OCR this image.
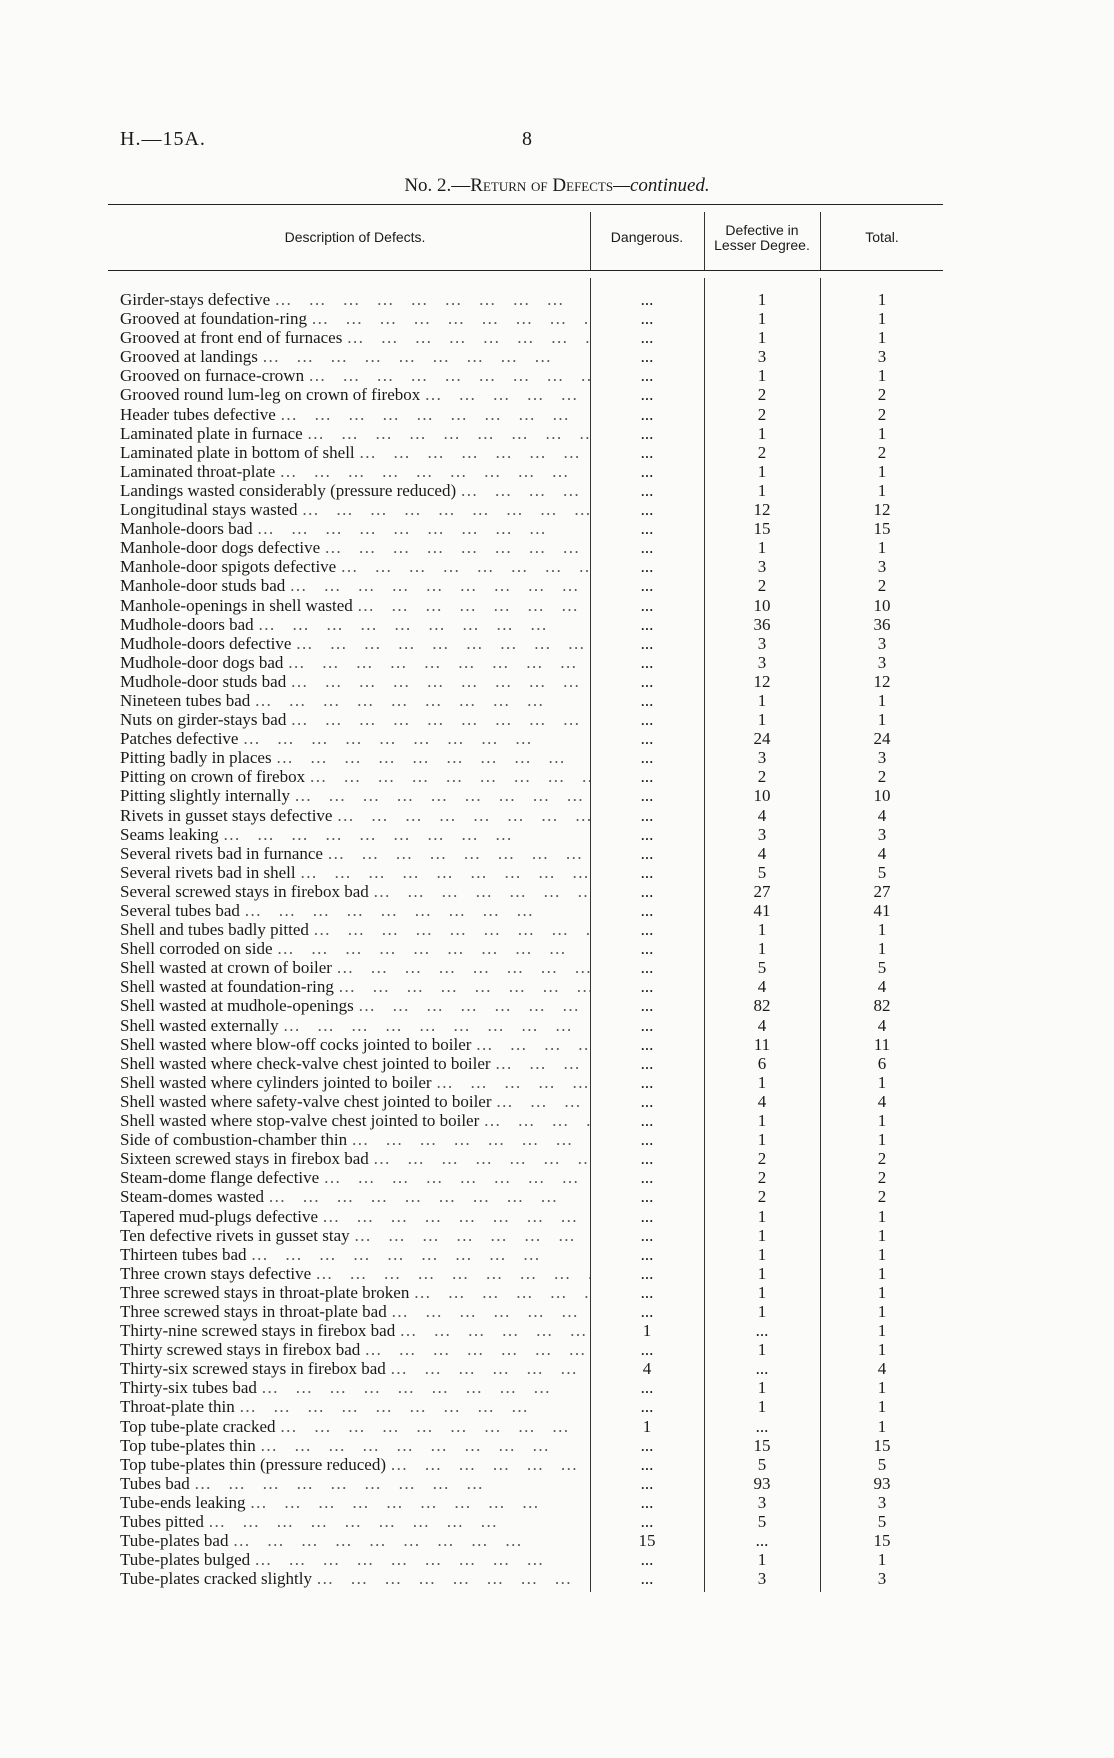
H.—15A.	8
No. 2.—Return of Defects—continued.
Description of Defects.	Dangerous.	Defective in Lesser Degree.	Total.
Girder-stays defective …    …    …    …    …    …    …    …    …	...	1	1
Grooved at foundation-ring …    …    …    …    …    …    …    …    …	...	1	1
Grooved at front end of furnaces …    …    …    …    …    …    …    …    …	...	1	1
Grooved at landings …    …    …    …    …    …    …    …    …	...	3	3
Grooved on furnace-crown …    …    …    …    …    …    …    …    …	...	1	1
Grooved round lum-leg on crown of firebox …    …    …    …    …    …    …    …    …	...	2	2
Header tubes defective …    …    …    …    …    …    …    …    …	...	2	2
Laminated plate in furnace …    …    …    …    …    …    …    …    …	...	1	1
Laminated plate in bottom of shell …    …    …    …    …    …    …    …    …	...	2	2
Laminated throat-plate …    …    …    …    …    …    …    …    …	...	1	1
Landings wasted considerably (pressure reduced) …    …    …    …    …    …    …    …    …	...	1	1
Longitudinal stays wasted …    …    …    …    …    …    …    …    …	...	12	12
Manhole-doors bad …    …    …    …    …    …    …    …    …	...	15	15
Manhole-door dogs defective …    …    …    …    …    …    …    …    …	...	1	1
Manhole-door spigots defective …    …    …    …    …    …    …    …    …	...	3	3
Manhole-door studs bad …    …    …    …    …    …    …    …    …	...	2	2
Manhole-openings in shell wasted …    …    …    …    …    …    …    …    …	...	10	10
Mudhole-doors bad …    …    …    …    …    …    …    …    …	...	36	36
Mudhole-doors defective …    …    …    …    …    …    …    …    …	...	3	3
Mudhole-door dogs bad …    …    …    …    …    …    …    …    …	...	3	3
Mudhole-door studs bad …    …    …    …    …    …    …    …    …	...	12	12
Nineteen tubes bad …    …    …    …    …    …    …    …    …	...	1	1
Nuts on girder-stays bad …    …    …    …    …    …    …    …    …	...	1	1
Patches defective …    …    …    …    …    …    …    …    …	...	24	24
Pitting badly in places …    …    …    …    …    …    …    …    …	...	3	3
Pitting on crown of firebox …    …    …    …    …    …    …    …    …	...	2	2
Pitting slightly internally …    …    …    …    …    …    …    …    …	...	10	10
Rivets in gusset stays defective …    …    …    …    …    …    …    …    …	...	4	4
Seams leaking …    …    …    …    …    …    …    …    …	...	3	3
Several rivets bad in furnance …    …    …    …    …    …    …    …    …	...	4	4
Several rivets bad in shell …    …    …    …    …    …    …    …    …	...	5	5
Several screwed stays in firebox bad …    …    …    …    …    …    …    …    …	...	27	27
Several tubes bad …    …    …    …    …    …    …    …    …	...	41	41
Shell and tubes badly pitted …    …    …    …    …    …    …    …    …	...	1	1
Shell corroded on side …    …    …    …    …    …    …    …    …	...	1	1
Shell wasted at crown of boiler …    …    …    …    …    …    …    …    …	...	5	5
Shell wasted at foundation-ring …    …    …    …    …    …    …    …    …	...	4	4
Shell wasted at mudhole-openings …    …    …    …    …    …    …    …    …	...	82	82
Shell wasted externally …    …    …    …    …    …    …    …    …	...	4	4
Shell wasted where blow-off cocks jointed to boiler …    …    …    …    …    …    …    …    …	...	11	11
Shell wasted where check-valve chest jointed to boiler …    …    …    …    …    …    …    …    …	...	6	6
Shell wasted where cylinders jointed to boiler …    …    …    …    …    …    …    …    …	...	1	1
Shell wasted where safety-valve chest jointed to boiler …    …    …    …    …    …    …    …    …	...	4	4
Shell wasted where stop-valve chest jointed to boiler …    …    …    …    …    …    …    …    …	...	1	1
Side of combustion-chamber thin …    …    …    …    …    …    …    …    …	...	1	1
Sixteen screwed stays in firebox bad …    …    …    …    …    …    …    …    …	...	2	2
Steam-dome flange defective …    …    …    …    …    …    …    …    …	...	2	2
Steam-domes wasted …    …    …    …    …    …    …    …    …	...	2	2
Tapered mud-plugs defective …    …    …    …    …    …    …    …    …	...	1	1
Ten defective rivets in gusset stay …    …    …    …    …    …    …    …    …	...	1	1
Thirteen tubes bad …    …    …    …    …    …    …    …    …	...	1	1
Three crown stays defective …    …    …    …    …    …    …    …    …	...	1	1
Three screwed stays in throat-plate broken …    …    …    …    …    …    …    …    …	...	1	1
Three screwed stays in throat-plate bad …    …    …    …    …    …    …    …    …	...	1	1
Thirty-nine screwed stays in firebox bad …    …    …    …    …    …    …    …    …	1	...	1
Thirty screwed stays in firebox bad …    …    …    …    …    …    …    …    …	...	1	1
Thirty-six screwed stays in firebox bad …    …    …    …    …    …    …    …    …	4	...	4
Thirty-six tubes bad …    …    …    …    …    …    …    …    …	...	1	1
Throat-plate thin …    …    …    …    …    …    …    …    …	...	1	1
Top tube-plate cracked …    …    …    …    …    …    …    …    …	1	...	1
Top tube-plates thin …    …    …    …    …    …    …    …    …	...	15	15
Top tube-plates thin (pressure reduced) …    …    …    …    …    …    …    …    …	...	5	5
Tubes bad …    …    …    …    …    …    …    …    …	...	93	93
Tube-ends leaking …    …    …    …    …    …    …    …    …	...	3	3
Tubes pitted …    …    …    …    …    …    …    …    …	...	5	5
Tube-plates bad …    …    …    …    …    …    …    …    …	15	...	15
Tube-plates bulged …    …    …    …    …    …    …    …    …	...	1	1
Tube-plates cracked slightly …    …    …    …    …    …    …    …    …	...	3	3
